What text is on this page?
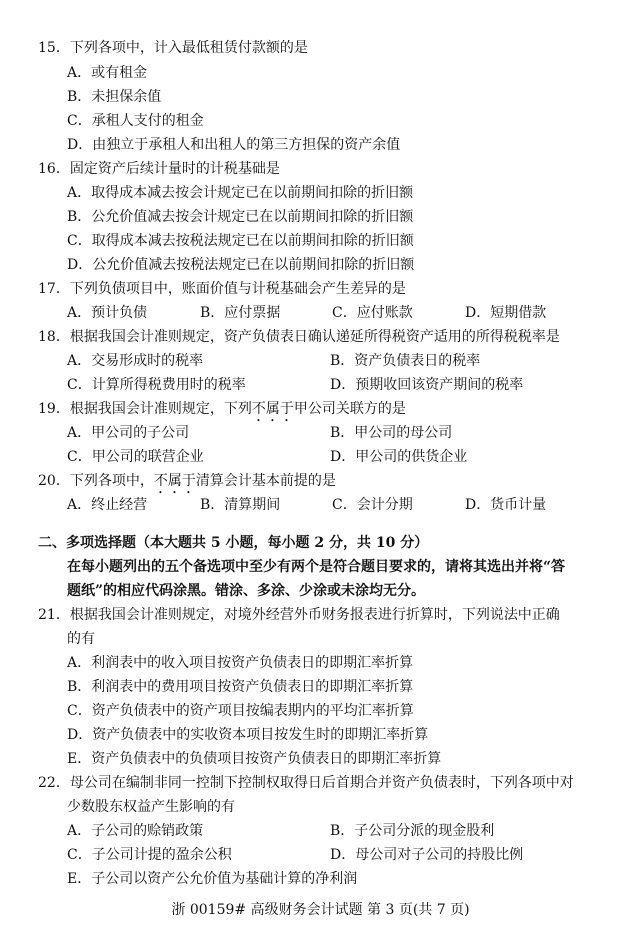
15．下列各项中，计入最低租赁付款额的是
A．或有租金
B．未担保余值
C．承租人支付的租金
D．由独立于承租人和出租人的第三方担保的资产余值
16．固定资产后续计量时的计税基础是
A．取得成本减去按会计规定已在以前期间扣除的折旧额
B．公允价值减去按会计规定已在以前期间扣除的折旧额
C．取得成本减去按税法规定已在以前期间扣除的折旧额
D．公允价值减去按税法规定已在以前期间扣除的折旧额
17．下列负债项目中，账面价值与计税基础会产生差异的是
A．预计负债	B．应付票据	C．应付账款	D．短期借款
18．根据我国会计准则规定，资产负债表日确认递延所得税资产适用的所得税税率是
A．交易形成时的税率	B．资产负债表日的税率
C．计算所得税费用时的税率	D．预期收回该资产期间的税率
19．根据我国会计准则规定，下列不属于甲公司关联方的是
A．甲公司的子公司	B．甲公司的母公司
C．甲公司的联营企业	D．甲公司的供货企业
20．下列各项中，不属于清算会计基本前提的是
A．终止经营	B．清算期间	C．会计分期	D．货币计量
二、多项选择题（本大题共 5 小题，每小题 2 分，共 10 分）
在每小题列出的五个备选项中至少有两个是符合题目要求的，请将其选出并将“答
题纸”的相应代码涂黑。错涂、多涂、少涂或未涂均无分。
21．根据我国会计准则规定，对境外经营外币财务报表进行折算时，下列说法中正确
的有
A．利润表中的收入项目按资产负债表日的即期汇率折算
B．利润表中的费用项目按资产负债表日的即期汇率折算
C．资产负债表中的资产项目按编表期内的平均汇率折算
D．资产负债表中的实收资本项目按发生时的即期汇率折算
E．资产负债表中的负债项目按资产负债表日的即期汇率折算
22．母公司在编制非同一控制下控制权取得日后首期合并资产负债表时，下列各项中对
少数股东权益产生影响的有
A．子公司的赊销政策	B．子公司分派的现金股利
C．子公司计提的盈余公积	D．母公司对子公司的持股比例
E．子公司以资产公允价值为基础计算的净利润
浙 00159# 高级财务会计试题 第 3 页(共 7 页)
